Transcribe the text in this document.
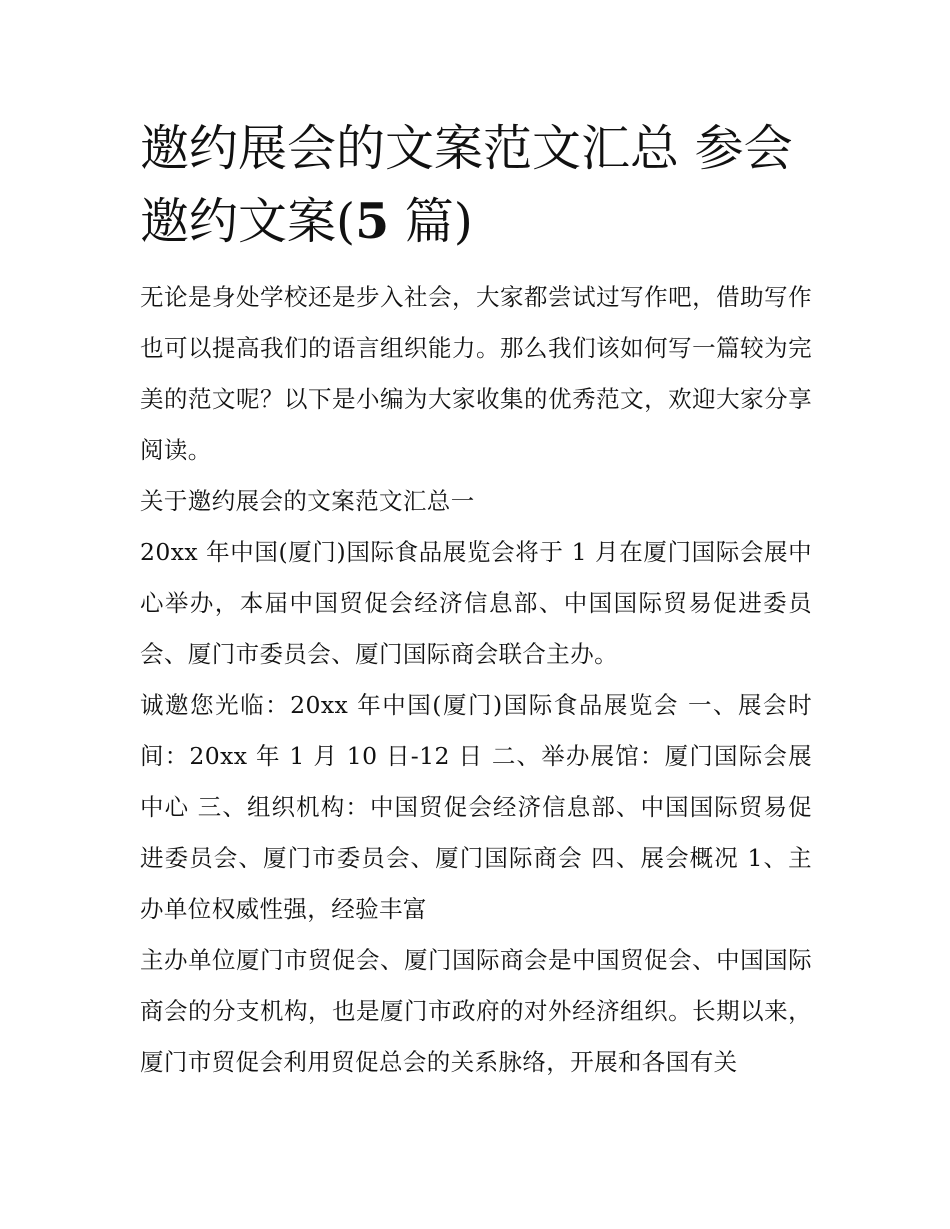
邀约展会的文案范文汇总 参会邀约文案(5 篇)

无论是身处学校还是步入社会，大家都尝试过写作吧，借助写作也可以提高我们的语言组织能力。那么我们该如何写一篇较为完美的范文呢？以下是小编为大家收集的优秀范文，欢迎大家分享阅读。

关于邀约展会的文案范文汇总一

20xx 年中国(厦门)国际食品展览会将于 1 月在厦门国际会展中心举办，本届中国贸促会经济信息部、中国国际贸易促进委员会、厦门市委员会、厦门国际商会联合主办。

诚邀您光临：20xx 年中国(厦门)国际食品展览会 一、展会时间：20xx 年 1 月 10 日-12 日 二、举办展馆：厦门国际会展中心 三、组织机构：中国贸促会经济信息部、中国国际贸易促进委员会、厦门市委员会、厦门国际商会 四、展会概况 1、主办单位权威性强，经验丰富

主办单位厦门市贸促会、厦门国际商会是中国贸促会、中国国际商会的分支机构，也是厦门市政府的对外经济组织。长期以来，厦门市贸促会利用贸促总会的关系脉络，开展和各国有关
